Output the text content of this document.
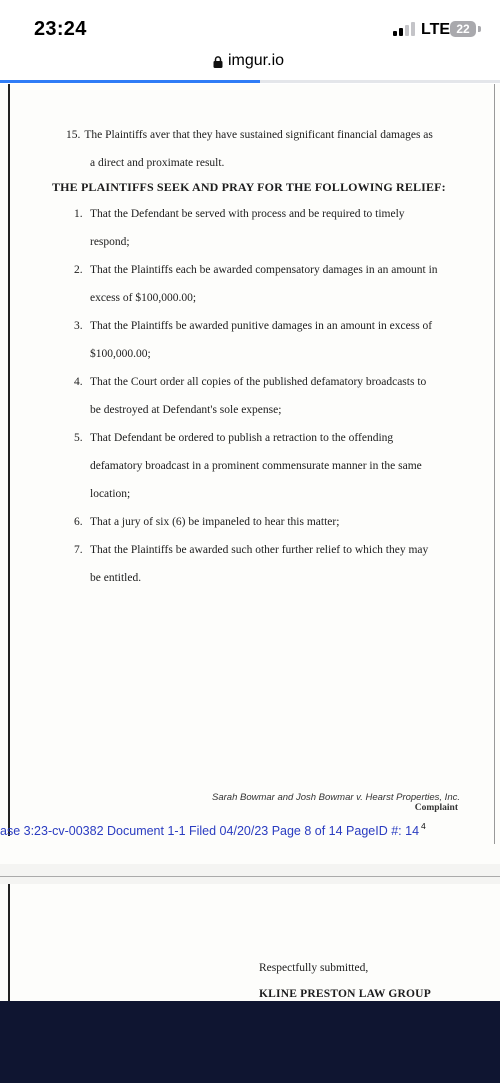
23:24	LTE 22
imgur.io
15. The Plaintiffs aver that they have sustained significant financial damages as
a direct and proximate result.
THE PLAINTIFFS SEEK AND PRAY FOR THE FOLLOWING RELIEF:
1. That the Defendant be served with process and be required to timely
respond;
2. That the Plaintiffs each be awarded compensatory damages in an amount in
excess of $100,000.00;
3. That the Plaintiffs be awarded punitive damages in an amount in excess of
$100,000.00;
4. That the Court order all copies of the published defamatory broadcasts to
be destroyed at Defendant's sole expense;
5. That Defendant be ordered to publish a retraction to the offending
defamatory broadcast in a prominent commensurate manner in the same
location;
6. That a jury of six (6) be impaneled to hear this matter;
7. That the Plaintiffs be awarded such other further relief to which they may
be entitled.
Sarah Bowmar and Josh Bowmar v. Hearst Properties, Inc.
Complaint
ase 3:23-cv-00382 Document 1-1 Filed 04/20/23 Page 8 of 14 PageID #: 14 $^4$
Respectfully submitted,
KLINE PRESTON LAW GROUP
